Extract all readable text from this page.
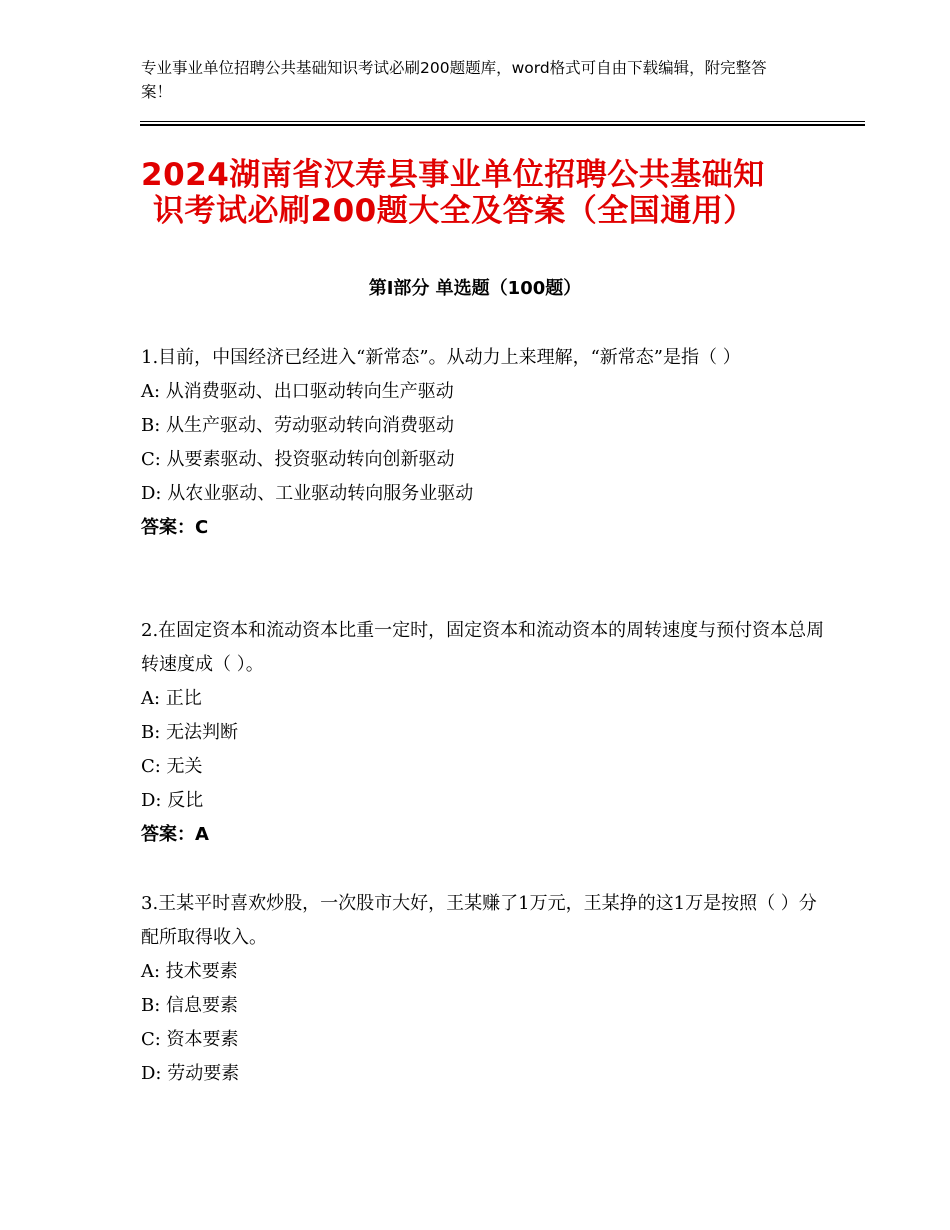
专业事业单位招聘公共基础知识考试必刷200题题库，word格式可自由下载编辑，附完整答案！
2024湖南省汉寿县事业单位招聘公共基础知
识考试必刷200题大全及答案（全国通用）
第Ⅰ部分 单选题（100题）

1.目前，中国经济已经进入“新常态”。从动力上来理解，“新常态”是指（ ）

A: 从消费驱动、出口驱动转向生产驱动

B: 从生产驱动、劳动驱动转向消费驱动

C: 从要素驱动、投资驱动转向创新驱动

D: 从农业驱动、工业驱动转向服务业驱动

答案：C

2.在固定资本和流动资本比重一定时，固定资本和流动资本的周转速度与预付资本总周转速度成（ ）。

A: 正比

B: 无法判断

C: 无关

D: 反比

答案：A

3.王某平时喜欢炒股，一次股市大好，王某赚了1万元，王某挣的这1万是按照（ ）分配所取得收入。

A: 技术要素

B: 信息要素

C: 资本要素

D: 劳动要素
